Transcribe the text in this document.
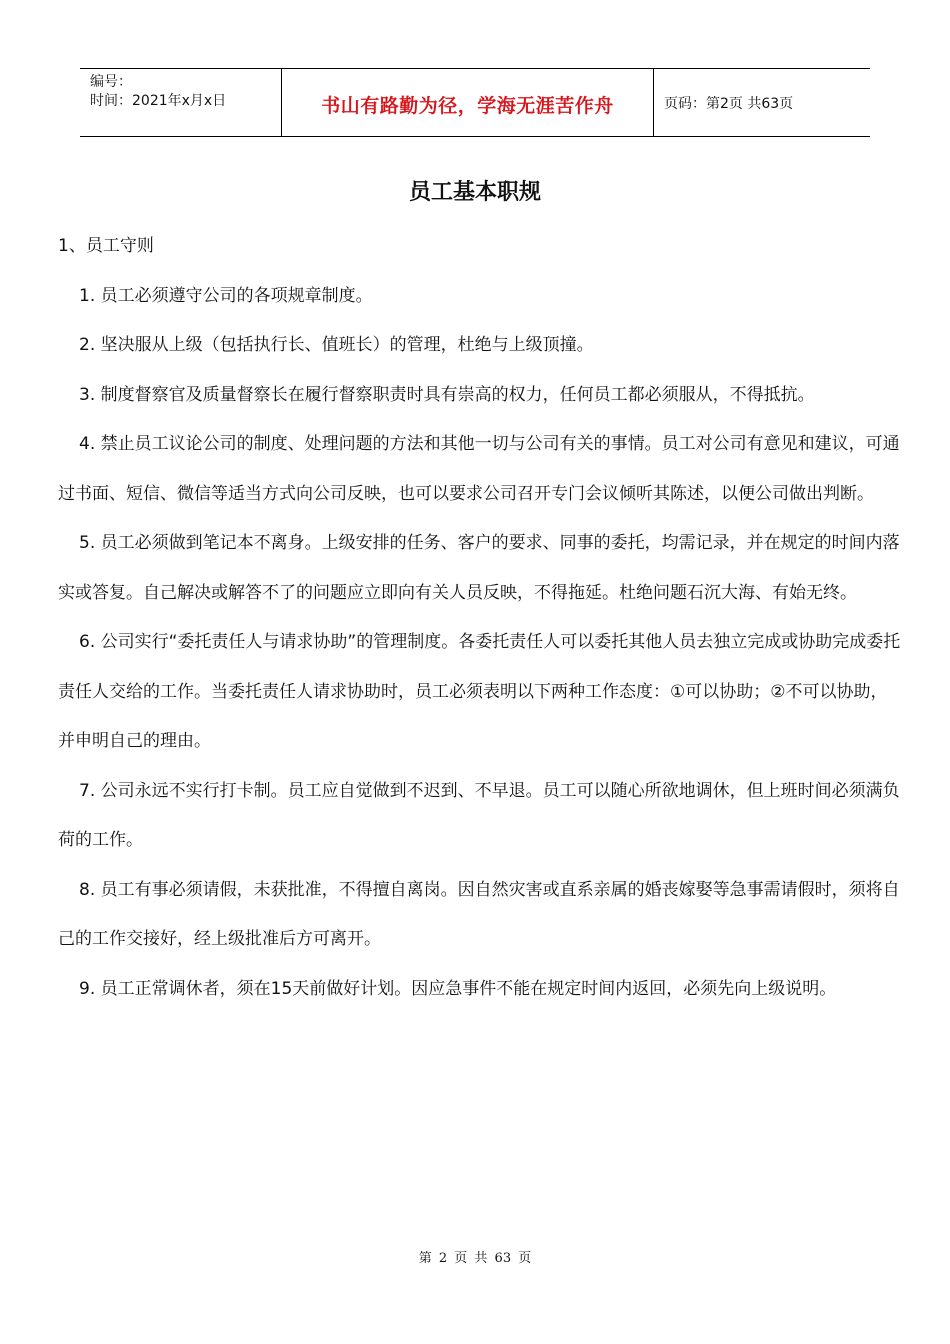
编号：
时间：2021年x月x日	书山有路勤为径，学海无涯苦作舟	页码：第2页 共63页
员工基本职规

1、员工守则

1. 员工必须遵守公司的各项规章制度。

2. 坚决服从上级（包括执行长、值班长）的管理，杜绝与上级顶撞。

3. 制度督察官及质量督察长在履行督察职责时具有崇高的权力，任何员工都必须服从，不得抵抗。

4. 禁止员工议论公司的制度、处理问题的方法和其他一切与公司有关的事情。员工对公司有意见和建议，可通过书面、短信、微信等适当方式向公司反映，也可以要求公司召开专门会议倾听其陈述，以便公司做出判断。

5. 员工必须做到笔记本不离身。上级安排的任务、客户的要求、同事的委托，均需记录，并在规定的时间内落实或答复。自己解决或解答不了的问题应立即向有关人员反映，不得拖延。杜绝问题石沉大海、有始无终。

6. 公司实行“委托责任人与请求协助”的管理制度。各委托责任人可以委托其他人员去独立完成或协助完成委托责任人交给的工作。当委托责任人请求协助时，员工必须表明以下两种工作态度：①可以协助；②不可以协助，并申明自己的理由。

7. 公司永远不实行打卡制。员工应自觉做到不迟到、不早退。员工可以随心所欲地调休，但上班时间必须满负荷的工作。

8. 员工有事必须请假，未获批准，不得擅自离岗。因自然灾害或直系亲属的婚丧嫁娶等急事需请假时，须将自己的工作交接好，经上级批准后方可离开。

9. 员工正常调休者，须在15天前做好计划。因应急事件不能在规定时间内返回，必须先向上级说明。

第 2 页 共 63 页
